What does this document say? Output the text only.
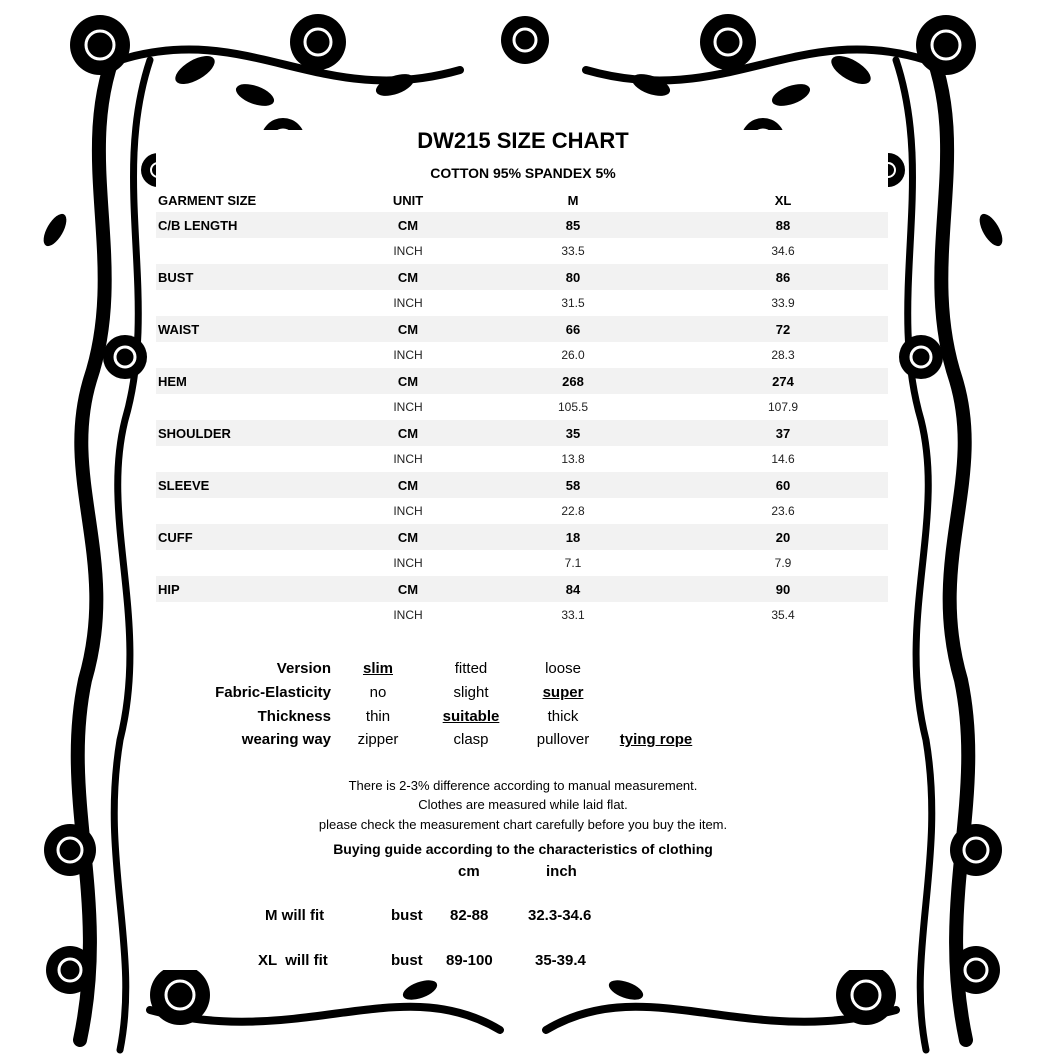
DW215 SIZE CHART
COTTON 95% SPANDEX 5%
GARMENT SIZE	UNIT	M	XL
C/B LENGTH	CM	85	88
	INCH	33.5	34.6
BUST	CM	80	86
	INCH	31.5	33.9
WAIST	CM	66	72
	INCH	26.0	28.3
HEM	CM	268	274
	INCH	105.5	107.9
SHOULDER	CM	35	37
	INCH	13.8	14.6
SLEEVE	CM	58	60
	INCH	22.8	23.6
CUFF	CM	18	20
	INCH	7.1	7.9
HIP	CM	84	90
	INCH	33.1	35.4
Version	slim	fitted	loose
Fabric-Elasticity	no	slight	super
Thickness	thin	suitable	thick
wearing way	zipper	clasp	pullover	tying rope
There is 2-3% difference according to manual measurement.
Clothes are measured while laid flat.
please check the measurement chart carefully before you buy the item.
Buying guide according to the characteristics of clothing
cm	inch
M will fit	bust 82-88	32.3-34.6
XL  will fit	bust 89-100	35-39.4
